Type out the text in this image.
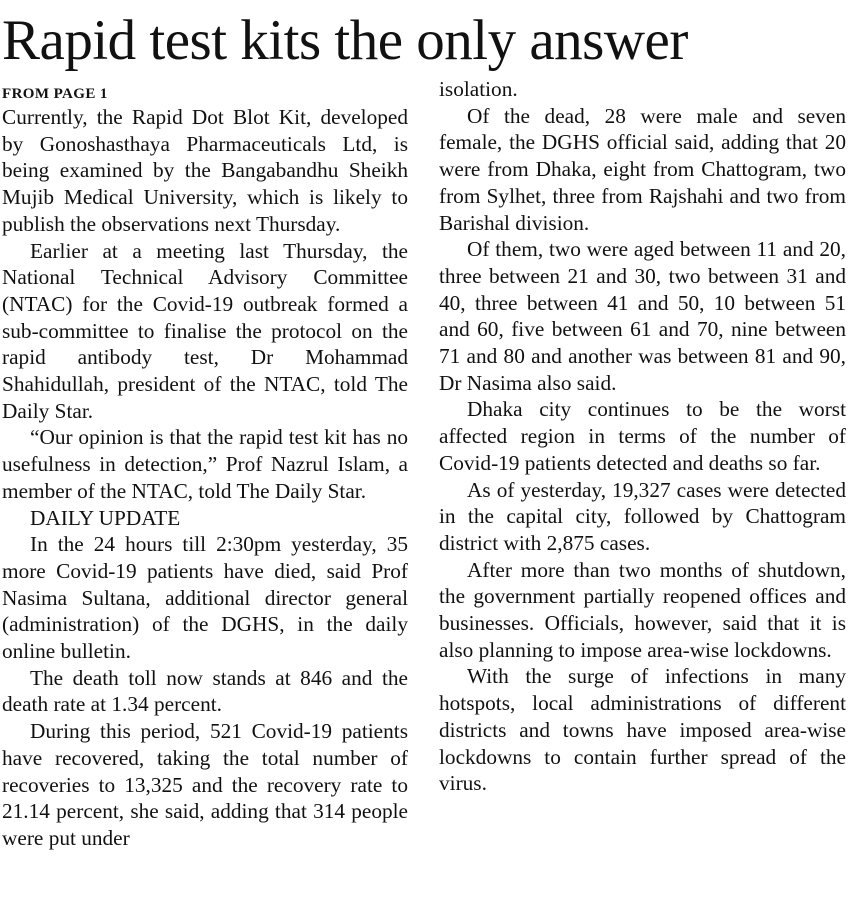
Rapid test kits the only answer
FROM PAGE 1

Currently, the Rapid Dot Blot Kit, developed by Gonoshasthaya Pharmaceuticals Ltd, is being examined by the Bangabandhu Sheikh Mujib Medical University, which is likely to publish the observations next Thursday.

Earlier at a meeting last Thursday, the National Technical Advisory Committee (NTAC) for the Covid-19 outbreak formed a sub-committee to finalise the protocol on the rapid antibody test, Dr Mohammad Shahidullah, president of the NTAC, told The Daily Star.

“Our opinion is that the rapid test kit has no usefulness in detection,” Prof Nazrul Islam, a member of the NTAC, told The Daily Star.

DAILY UPDATE

In the 24 hours till 2:30pm yesterday, 35 more Covid-19 patients have died, said Prof Nasima Sultana, additional director general (administration) of the DGHS, in the daily online bulletin.

The death toll now stands at 846 and the death rate at 1.34 percent.

During this period, 521 Covid-19 patients have recovered, taking the total number of recoveries to 13,325 and the recovery rate to 21.14 percent, she said, adding that 314 people were put under

isolation.

Of the dead, 28 were male and seven female, the DGHS official said, adding that 20 were from Dhaka, eight from Chattogram, two from Sylhet, three from Rajshahi and two from Barishal division.

Of them, two were aged between 11 and 20, three between 21 and 30, two between 31 and 40, three between 41 and 50, 10 between 51 and 60, five between 61 and 70, nine between 71 and 80 and another was between 81 and 90, Dr Nasima also said.

Dhaka city continues to be the worst affected region in terms of the number of Covid-19 patients detected and deaths so far.

As of yesterday, 19,327 cases were detected in the capital city, followed by Chattogram district with 2,875 cases.

After more than two months of shutdown, the government partially reopened offices and businesses. Officials, however, said that it is also planning to impose area-wise lockdowns.

With the surge of infections in many hotspots, local administrations of different districts and towns have imposed area-wise lockdowns to contain further spread of the virus.
